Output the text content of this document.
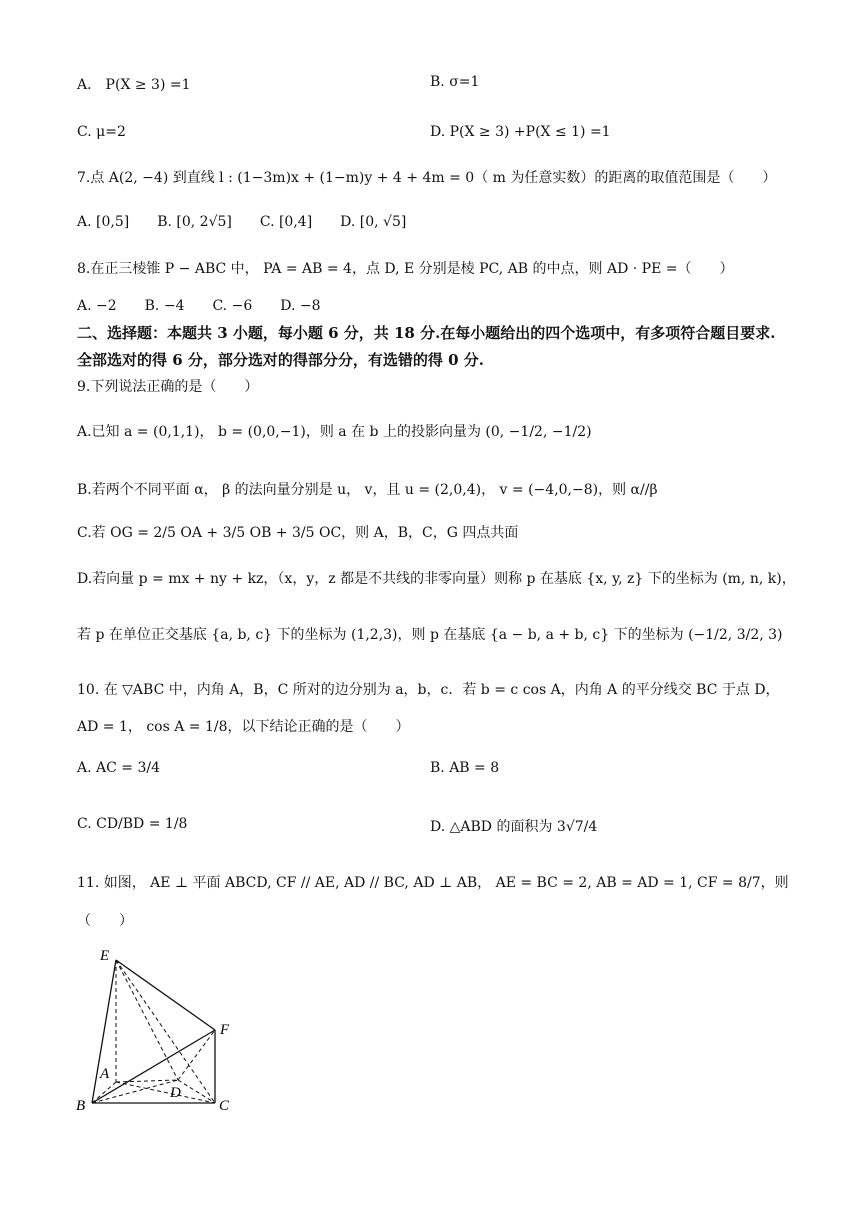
A． P(X ≥ 3) =1	B. σ=1
C. μ=2	D. P(X ≥ 3) +P(X ≤ 1) =1
7.点 A(2, −4) 到直线 l : (1−3m)x + (1−m)y + 4 + 4m = 0（ m 为任意实数）的距离的取值范围是（　　）
A. [0,5]　　B. [0, 2√5]　　C. [0,4]　　D. [0, √5]
8.在正三棱锥 P − ABC 中， PA = AB = 4，点 D, E 分别是棱 PC, AB 的中点，则 AD · PE =（　　）
A. −2　　B. −4　　C. −6　　D. −8
二、选择题：本题共 3 小题，每小题 6 分，共 18 分.在每小题给出的四个选项中，有多项符合题目要求.全部选对的得 6 分，部分选对的得部分分，有选错的得 0 分.
9.下列说法正确的是（　　）
A.已知 a = (0,1,1)， b = (0,0,−1)，则 a 在 b 上的投影向量为 (0, −1/2, −1/2)
B.若两个不同平面 α， β 的法向量分别是 u， v，且 u = (2,0,4)， v = (−4,0,−8)，则 α//β
C.若 OG = 2/5 OA + 3/5 OB + 3/5 OC，则 A，B，C，G 四点共面
D.若向量 p = mx + ny + kz，（x，y，z 都是不共线的非零向量）则称 p 在基底 {x, y, z} 下的坐标为 (m, n, k)，
若 p 在单位正交基底 {a, b, c} 下的坐标为 (1,2,3)，则 p 在基底 {a − b, a + b, c} 下的坐标为 (−1/2, 3/2, 3)
10. 在 ▽ABC 中，内角 A，B，C 所对的边分别为 a，b，c．若 b = c cos A，内角 A 的平分线交 BC 于点 D，
AD = 1， cos A = 1/8，以下结论正确的是（　　）
A. AC = 3/4	B. AB = 8
C. CD/BD = 1/8	D. △ABD 的面积为 3√7/4
11. 如图， AE ⊥ 平面 ABCD, CF // AE, AD // BC, AD ⊥ AB， AE = BC = 2, AB = AD = 1, CF = 8/7，则
（　　）
E
F
A
D
B	C
